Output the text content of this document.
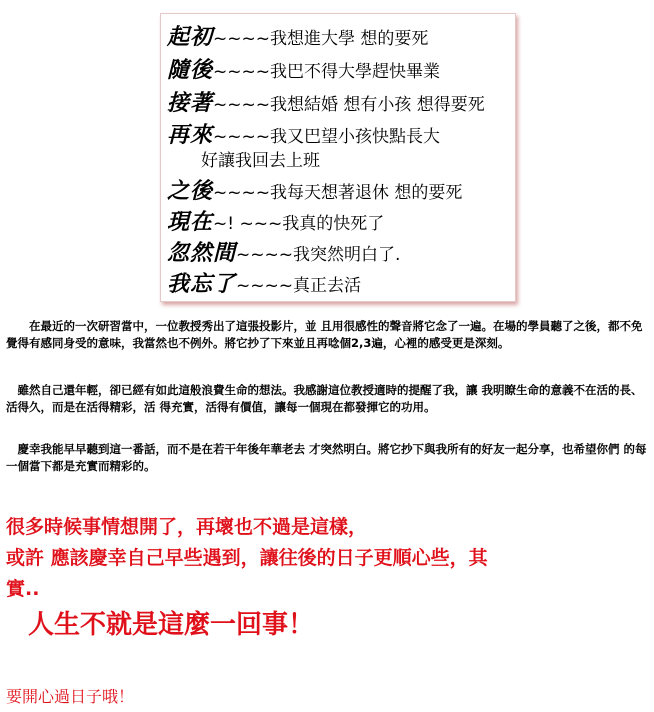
起初~~~~我想進大學 想的要死
隨後~~~~我巴不得大學趕快畢業
接著~~~~我想結婚 想有小孩 想得要死
再來~~~~我又巴望小孩快點長大
好讓我回去上班
之後~~~~我每天想著退休 想的要死
現在~! ~~~我真的快死了
忽然間~~~~我突然明白了.
我忘了~~~~真正去活
　　在最近的一次研習當中，一位教授秀出了這張投影片，並 且用很感性的聲音將它念了一遍。在場的學員聽了之後，都不免覺得有感同身受的意味，我當然也不例外。將它抄了下來並且再唸個2,3遍，心裡的感受更是深刻。
　雖然自己還年輕，卻已經有如此這般浪費生命的想法。我感謝這位教授適時的提醒了我，讓 我明瞭生命的意義不在活的長、活得久，而是在活得精彩，活 得充實，活得有價值，讓每一個現在都發揮它的功用。
　慶幸我能早早聽到這一番話，而不是在若干年後年華老去 才突然明白。將它抄下與我所有的好友一起分享，也希望你們 的每一個當下都是充實而精彩的。
很多時候事情想開了，再壞也不過是這樣，
或許 應該慶幸自己早些遇到，讓往後的日子更順心些，其
實..
人生不就是這麼一回事！
要開心過日子哦！
